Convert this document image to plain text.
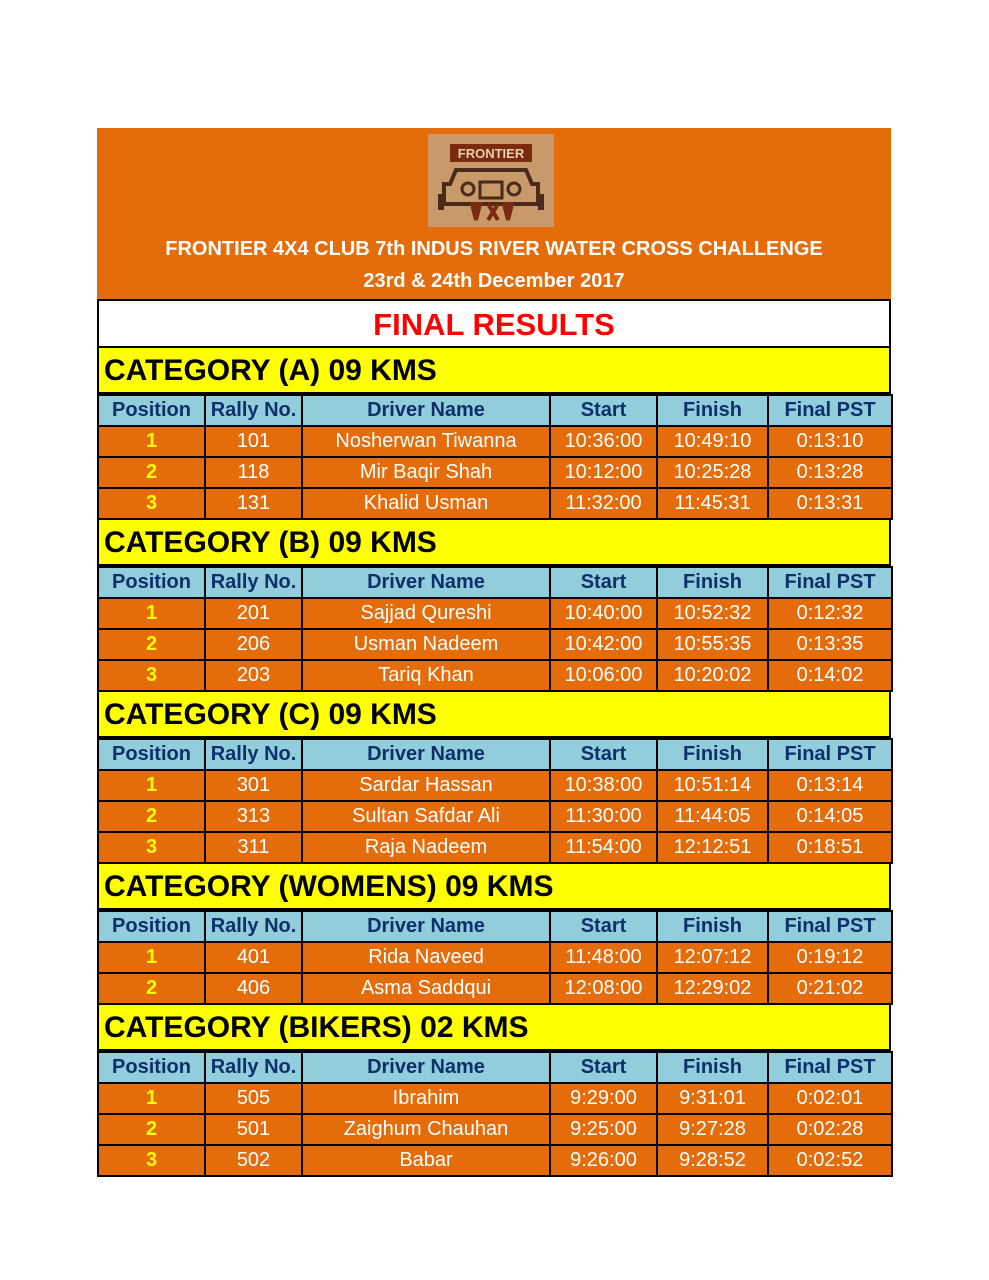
FRONTIER
FRONTIER 4X4 CLUB 7th INDUS RIVER WATER CROSS CHALLENGE
23rd & 24th December 2017
FINAL RESULTS
CATEGORY (A) 09 KMS
Position	Rally No.	Driver Name	Start	Finish	Final PST
1	101	Nosherwan Tiwanna	10:36:00	10:49:10	0:13:10
2	118	Mir Baqir Shah	10:12:00	10:25:28	0:13:28
3	131	Khalid Usman	11:32:00	11:45:31	0:13:31
CATEGORY (B) 09 KMS
Position	Rally No.	Driver Name	Start	Finish	Final PST
1	201	Sajjad Qureshi	10:40:00	10:52:32	0:12:32
2	206	Usman Nadeem	10:42:00	10:55:35	0:13:35
3	203	Tariq Khan	10:06:00	10:20:02	0:14:02
CATEGORY (C) 09 KMS
Position	Rally No.	Driver Name	Start	Finish	Final PST
1	301	Sardar Hassan	10:38:00	10:51:14	0:13:14
2	313	Sultan Safdar Ali	11:30:00	11:44:05	0:14:05
3	311	Raja Nadeem	11:54:00	12:12:51	0:18:51
CATEGORY (WOMENS) 09 KMS
Position	Rally No.	Driver Name	Start	Finish	Final PST
1	401	Rida Naveed	11:48:00	12:07:12	0:19:12
2	406	Asma Saddqui	12:08:00	12:29:02	0:21:02
CATEGORY (BIKERS) 02 KMS
Position	Rally No.	Driver Name	Start	Finish	Final PST
1	505	Ibrahim	9:29:00	9:31:01	0:02:01
2	501	Zaighum Chauhan	9:25:00	9:27:28	0:02:28
3	502	Babar	9:26:00	9:28:52	0:02:52
